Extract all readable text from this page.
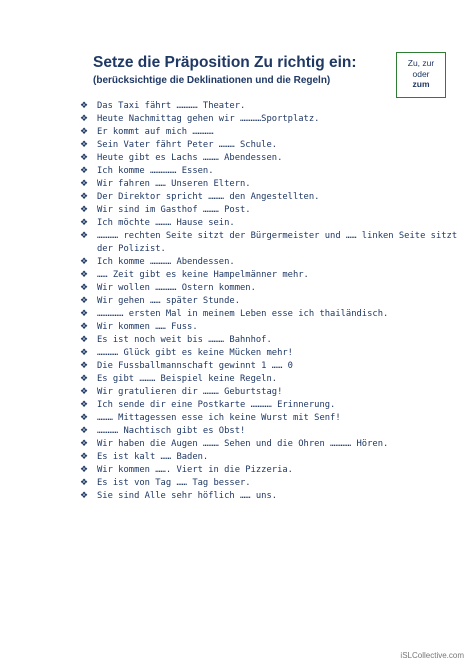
Setze die Präposition Zu richtig ein:
(berücksichtige die Deklinationen und die Regeln)
Zu, zur
oder
zum
❖ Das Taxi fährt ………… Theater.
❖ Heute Nachmittag gehen wir …………Sportplatz.
❖ Er kommt auf mich …………
❖ Sein Vater fährt Peter ……… Schule.
❖ Heute gibt es Lachs ……… Abendessen.
❖ Ich komme …………… Essen.
❖ Wir fahren …… Unseren Eltern.
❖ Der Direktor spricht ……… den Angestellten.
❖ Wir sind im Gasthof ……… Post.
❖ Ich möchte ……… Hause sein.
❖ ………… rechten Seite sitzt der Bürgermeister und …… linken Seite sitzt der Polizist.
❖ Ich komme ………… Abendessen.
❖ …… Zeit gibt es keine Hampelmänner mehr.
❖ Wir wollen ………… Ostern kommen.
❖ Wir gehen …… später Stunde.
❖ …………… ersten Mal in meinem Leben esse ich thailändisch.
❖ Wir kommen …… Fuss.
❖ Es ist noch weit bis ……… Bahnhof.
❖ ………… Glück gibt es keine Mücken mehr!
❖ Die Fussballmannschaft gewinnt 1 …… 0
❖ Es gibt ……… Beispiel keine Regeln.
❖ Wir gratulieren dir ……… Geburtstag!
❖ Ich sende dir eine Postkarte ………… Erinnerung.
❖ ……… Mittagessen esse ich keine Wurst mit Senf!
❖ ………… Nachtisch gibt es Obst!
❖ Wir haben die Augen ……… Sehen und die Ohren ………… Hören.
❖ Es ist kalt …… Baden.
❖ Wir kommen ……. Viert in die Pizzeria.
❖ Es ist von Tag …… Tag besser.
❖ Sie sind Alle sehr höflich …… uns.
iSLCollective.com
